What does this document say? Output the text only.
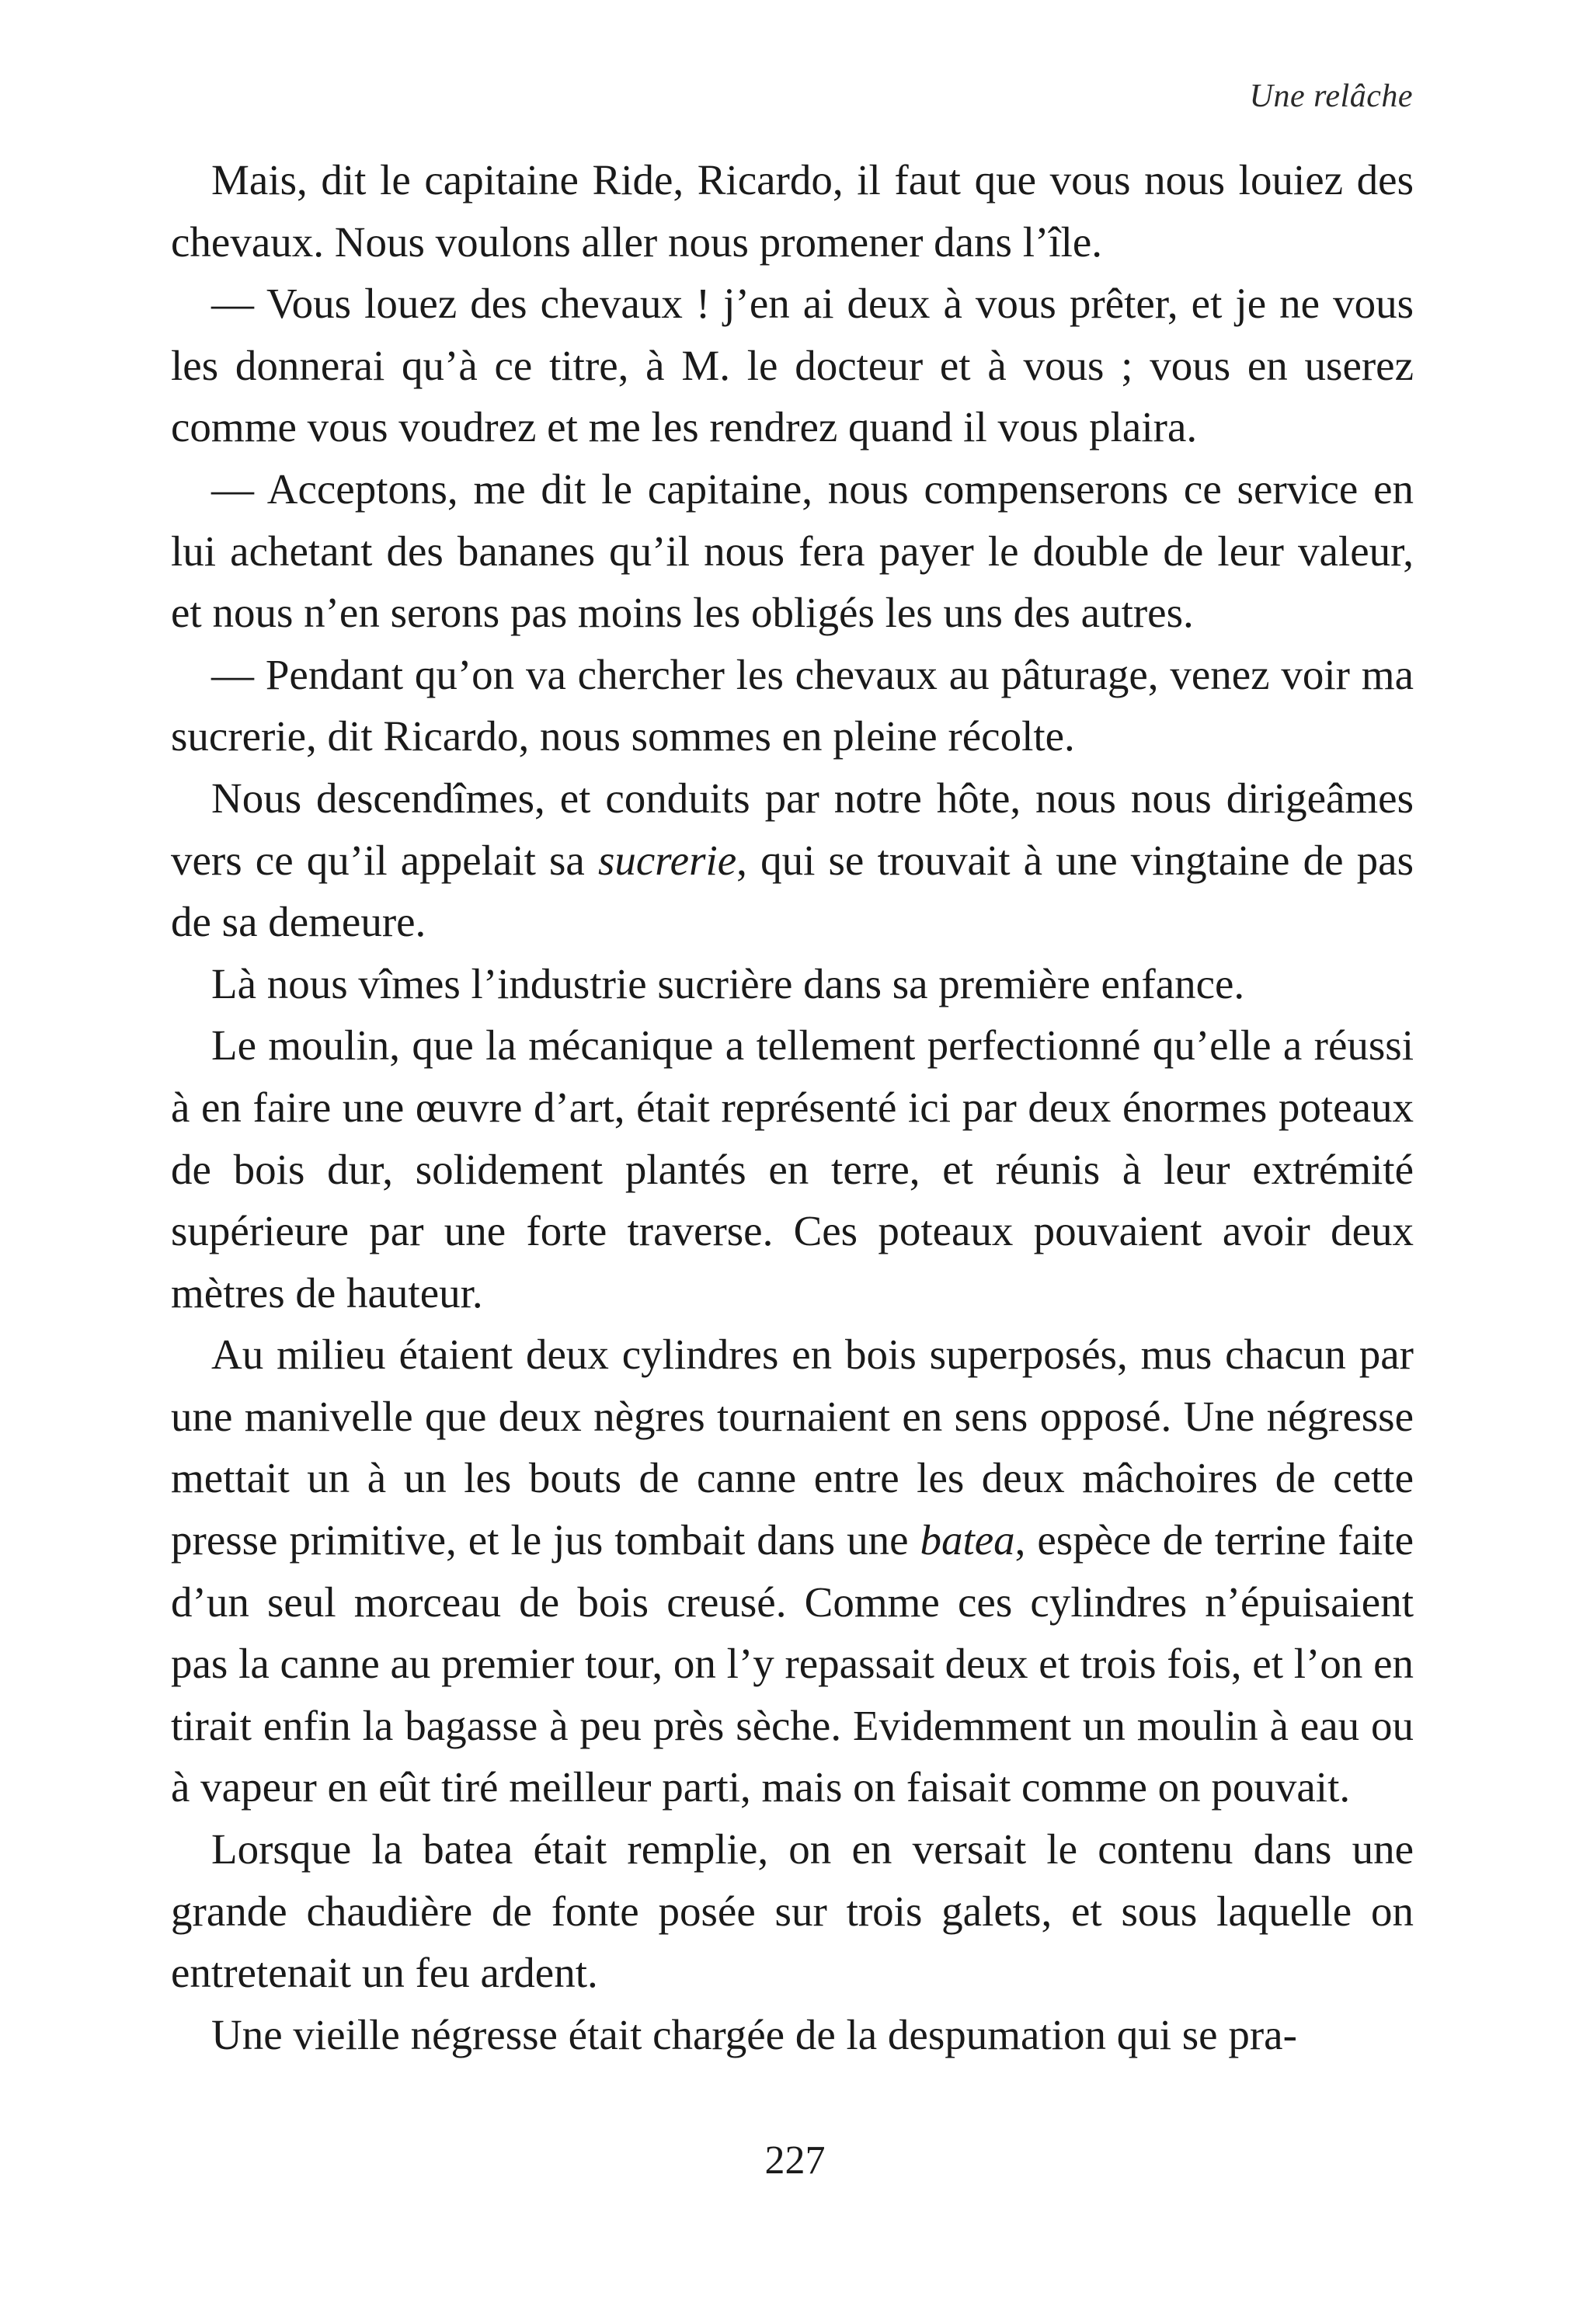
Une relâche

Mais, dit le capitaine Ride, Ricardo, il faut que vous nous louiez des chevaux. Nous voulons aller nous promener dans l’île.

— Vous louez des chevaux ! j’en ai deux à vous prêter, et je ne vous les donnerai qu’à ce titre, à M. le docteur et à vous ; vous en userez comme vous voudrez et me les rendrez quand il vous plaira.

— Acceptons, me dit le capitaine, nous compenserons ce service en lui achetant des bananes qu’il nous fera payer le double de leur valeur, et nous n’en serons pas moins les obligés les uns des autres.

— Pendant qu’on va chercher les chevaux au pâturage, venez voir ma sucrerie, dit Ricardo, nous sommes en pleine récolte.

Nous descendîmes, et conduits par notre hôte, nous nous dirigeâmes vers ce qu’il appelait sa sucrerie, qui se trouvait à une vingtaine de pas de sa demeure.

Là nous vîmes l’industrie sucrière dans sa première enfance.

Le moulin, que la mécanique a tellement perfectionné qu’elle a réussi à en faire une œuvre d’art, était représenté ici par deux énormes poteaux de bois dur, solidement plantés en terre, et réunis à leur extrémité supérieure par une forte traverse. Ces poteaux pouvaient avoir deux mètres de hauteur.

Au milieu étaient deux cylindres en bois superposés, mus chacun par une manivelle que deux nègres tournaient en sens opposé. Une négresse mettait un à un les bouts de canne entre les deux mâchoires de cette presse primitive, et le jus tombait dans une batea, espèce de terrine faite d’un seul morceau de bois creusé. Comme ces cylindres n’épuisaient pas la canne au premier tour, on l’y repassait deux et trois fois, et l’on en tirait enfin la bagasse à peu près sèche. Evidemment un moulin à eau ou à vapeur en eût tiré meilleur parti, mais on faisait comme on pouvait.

Lorsque la batea était remplie, on en versait le contenu dans une grande chaudière de fonte posée sur trois galets, et sous laquelle on entretenait un feu ardent.

Une vieille négresse était chargée de la despumation qui se pra-

227
